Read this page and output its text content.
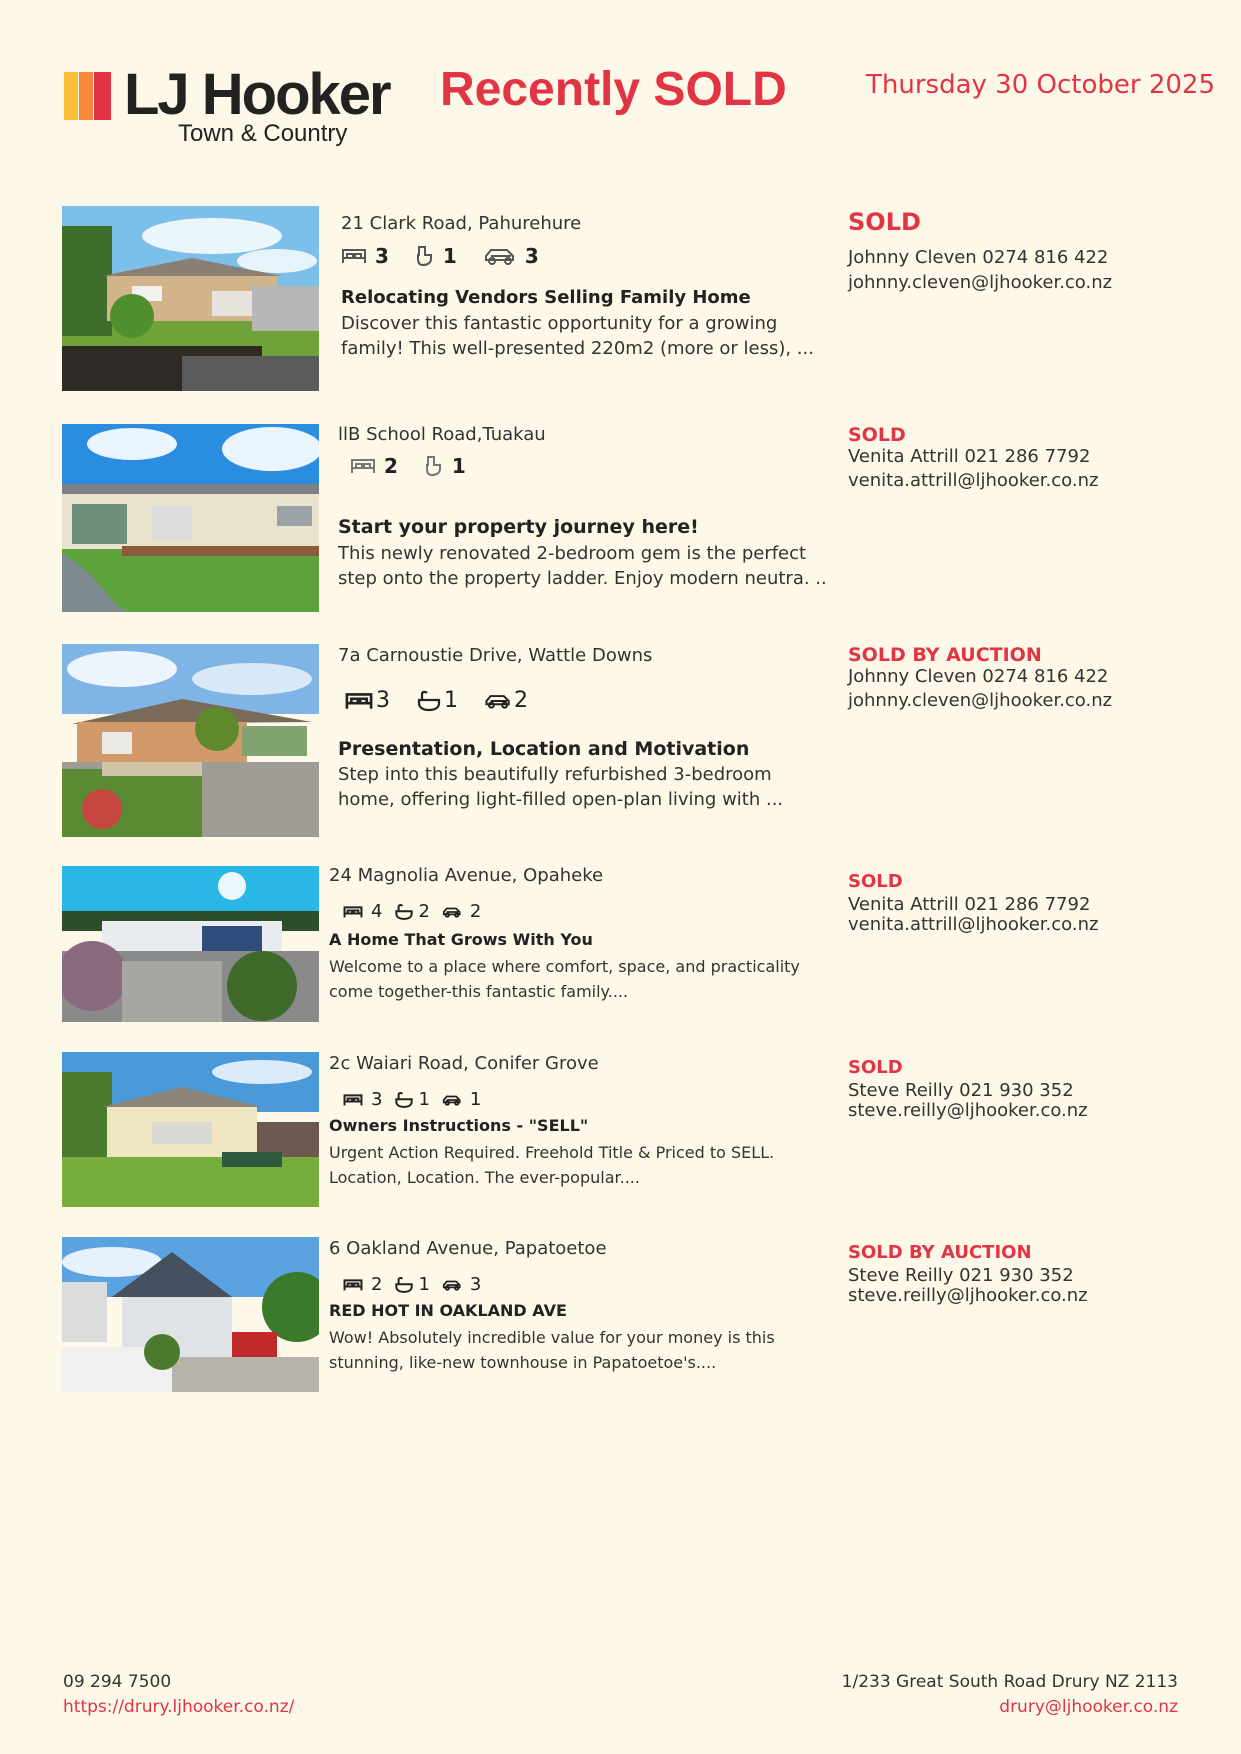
LJ Hooker
Town & Country
Recently SOLD	Thursday 30 October 2025
21 Clark Road, Pahurehure
3	1	3
Relocating Vendors Selling Family Home
Discover this fantastic opportunity for a growing
family! This well-presented 220m2 (more or less), ...
SOLD
Johnny Cleven 0274 816 422
johnny.cleven@ljhooker.co.nz
llB School Road,Tuakau
2	1
Start your property journey here!
This newly renovated 2-bedroom gem is the perfect
step onto the property ladder. Enjoy modern neutra. ..
SOLD
Venita Attrill 021 286 7792
venita.attrill@ljhooker.co.nz
7a Carnoustie Drive, Wattle Downs
3 1	2
Presentation, Location and Motivation
Step into this beautifully refurbished 3-bedroom
home, offering light-filled open-plan living with ...
SOLD BY AUCTION
Johnny Cleven 0274 816 422
johnny.cleven@ljhooker.co.nz
24 Magnolia Avenue, Opaheke
4 2 2
A Home That Grows With You
Welcome to a place where comfort, space, and practicality
come together-this fantastic family....
SOLD
Venita Attrill 021 286 7792
venita.attrill@ljhooker.co.nz
2c Waiari Road, Conifer Grove
3 1 1
Owners Instructions - "SELL"
Urgent Action Required. Freehold Title & Priced to SELL.
Location, Location. The ever-popular....
SOLD
Steve Reilly 021 930 352
steve.reilly@ljhooker.co.nz
6 Oakland Avenue, Papatoetoe
2 1 3
RED HOT IN OAKLAND AVE
Wow! Absolutely incredible value for your money is this
stunning, like-new townhouse in Papatoetoe's....
SOLD BY AUCTION
Steve Reilly 021 930 352
steve.reilly@ljhooker.co.nz
09 294 7500
https://drury.ljhooker.co.nz/
1/233 Great South Road Drury NZ 2113
drury@ljhooker.co.nz
